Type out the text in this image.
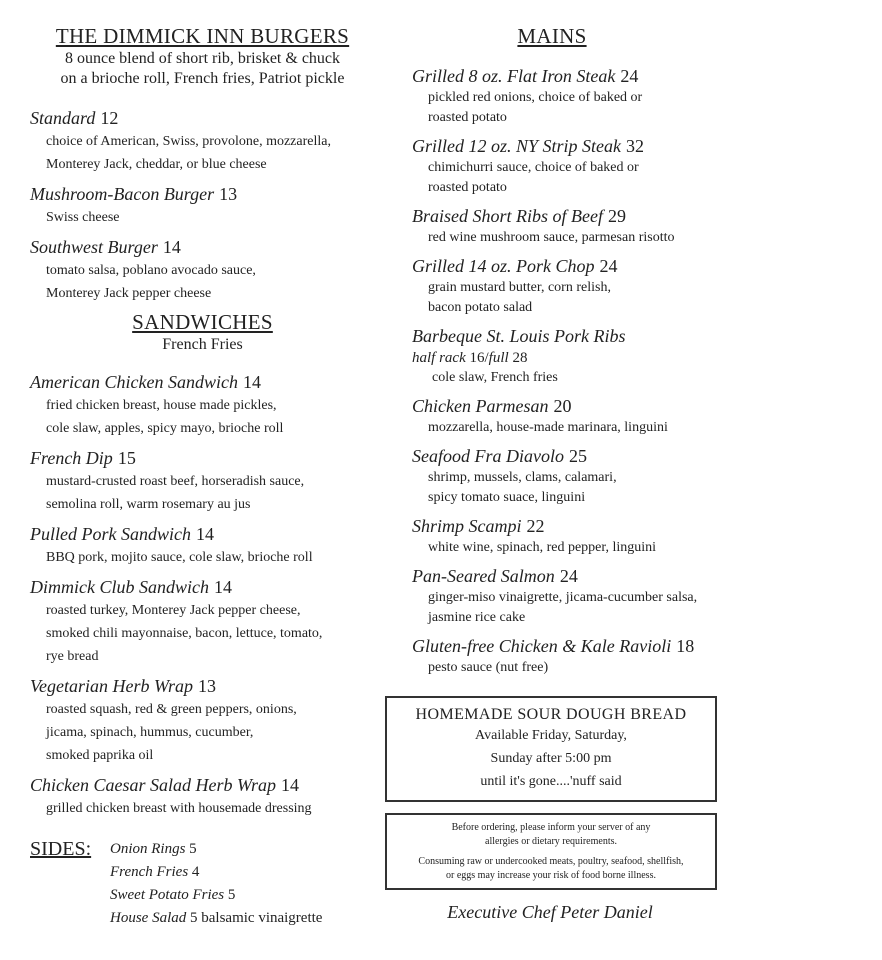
THE DIMMICK INN BURGERS
8 ounce blend of short rib, brisket & chuck
on a brioche roll, French fries, Patriot pickle
Standard 12
choice of American, Swiss, provolone, mozzarella,
Monterey Jack, cheddar, or blue cheese
Mushroom-Bacon Burger 13
Swiss cheese
Southwest Burger 14
tomato salsa, poblano avocado sauce,
Monterey Jack pepper cheese
SANDWICHES
French Fries
American Chicken Sandwich 14
fried chicken breast, house made pickles,
cole slaw, apples, spicy mayo, brioche roll
French Dip 15
mustard-crusted roast beef, horseradish sauce,
semolina roll, warm rosemary au jus
Pulled Pork Sandwich 14
BBQ pork, mojito sauce, cole slaw, brioche roll
Dimmick Club Sandwich 14
roasted turkey, Monterey Jack pepper cheese,
smoked chili mayonnaise, bacon, lettuce, tomato,
rye bread
Vegetarian Herb Wrap 13
roasted squash, red & green peppers, onions,
jicama, spinach, hummus, cucumber,
smoked paprika oil
Chicken Caesar Salad Herb Wrap 14
grilled chicken breast with housemade dressing
SIDES:	Onion Rings 5
French Fries 4
Sweet Potato Fries 5
House Salad 5 balsamic vinaigrette
MAINS
Grilled 8 oz. Flat Iron Steak 24
pickled red onions, choice of baked or
roasted potato
Grilled 12 oz. NY Strip Steak 32
chimichurri sauce, choice of baked or
roasted potato
Braised Short Ribs of Beef 29
red wine mushroom sauce, parmesan risotto
Grilled 14 oz. Pork Chop 24
grain mustard butter, corn relish,
bacon potato salad
Barbeque St. Louis Pork Ribs
half rack 16/full 28
cole slaw, French fries
Chicken Parmesan 20
mozzarella, house-made marinara, linguini
Seafood Fra Diavolo 25
shrimp, mussels, clams, calamari,
spicy tomato suace, linguini
Shrimp Scampi 22
white wine, spinach, red pepper, linguini
Pan-Seared Salmon 24
ginger-miso vinaigrette, jicama-cucumber salsa,
jasmine rice cake
Gluten-free Chicken & Kale Ravioli 18
pesto sauce (nut free)
HOMEMADE SOUR DOUGH BREAD
Available Friday, Saturday,
Sunday after 5:00 pm
until it's gone....'nuff said
Before ordering, please inform your server of any
allergies or dietary requirements.
Consuming raw or undercooked meats, poultry, seafood, shellfish,
or eggs may increase your risk of food borne illness.
Executive Chef Peter Daniel
